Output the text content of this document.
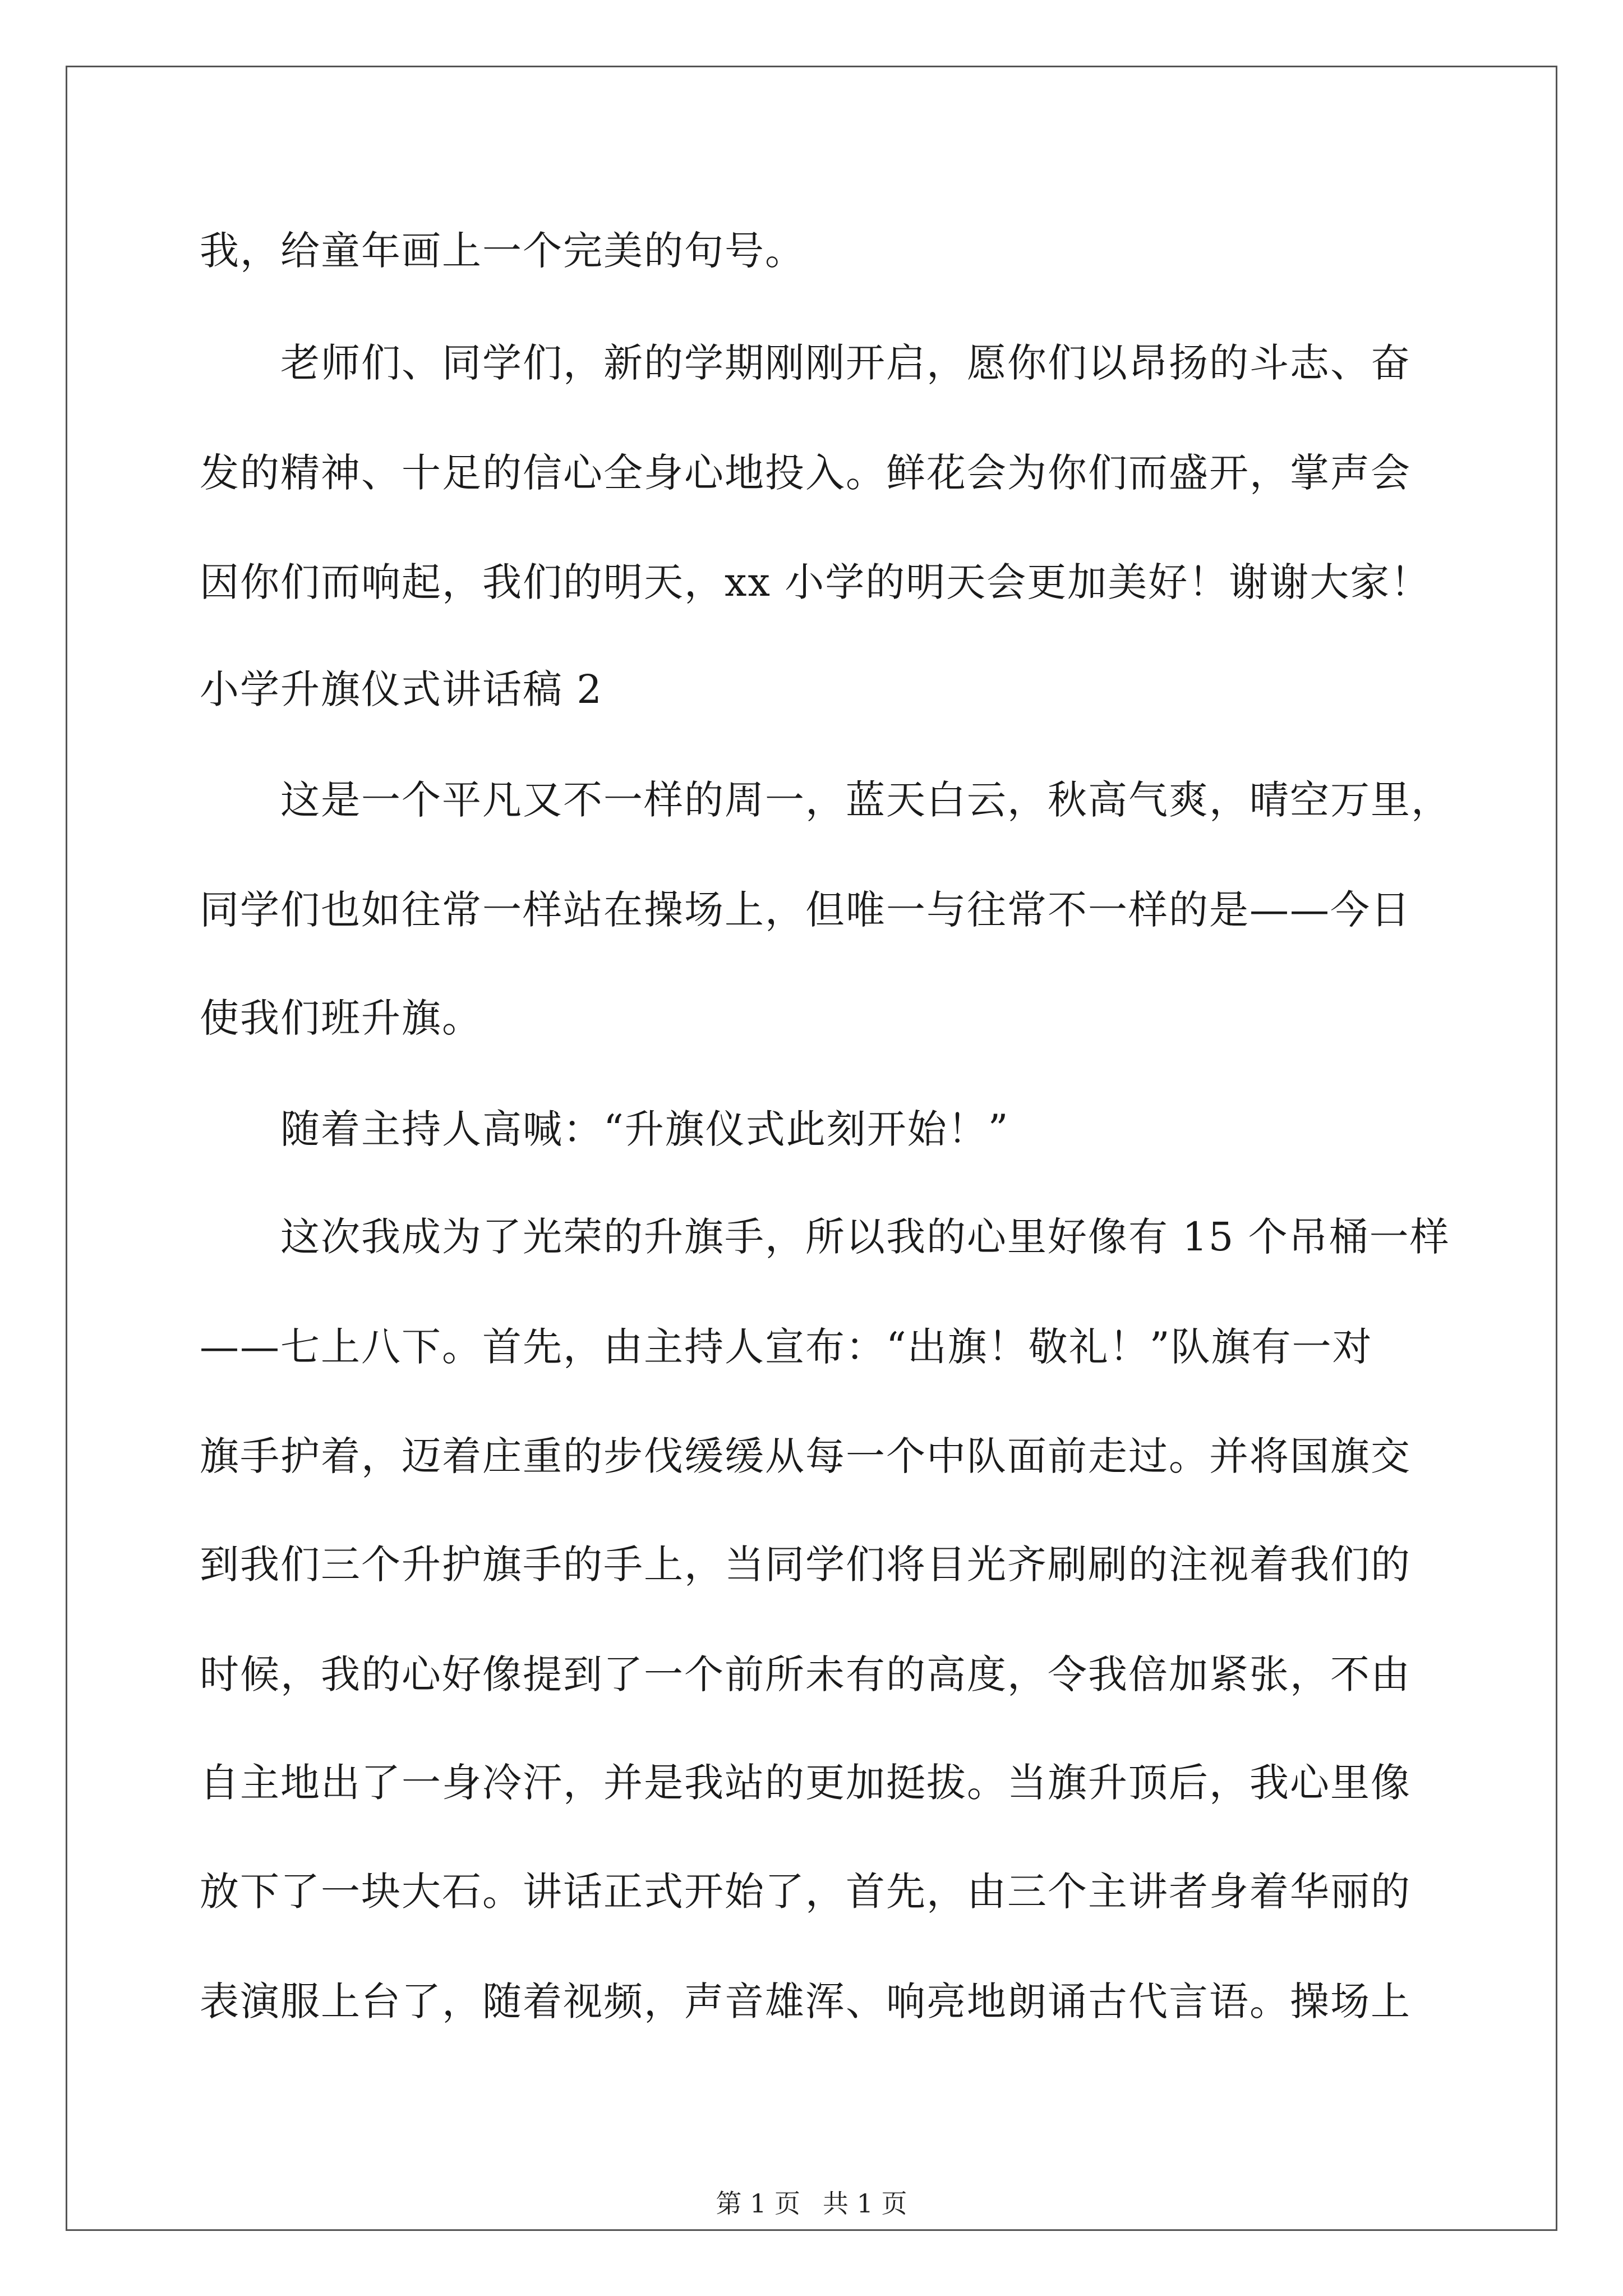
我，给童年画上一个完美的句号。
老师们、同学们，新的学期刚刚开启，愿你们以昂扬的斗志、奋
发的精神、十足的信心全身心地投入。鲜花会为你们而盛开，掌声会
因你们而响起，我们的明天，xx 小学的明天会更加美好！谢谢大家！
小学升旗仪式讲话稿 2
这是一个平凡又不一样的周一，蓝天白云，秋高气爽，晴空万里，
同学们也如往常一样站在操场上，但唯一与往常不一样的是——今日
使我们班升旗。
随着主持人高喊：“升旗仪式此刻开始！”
这次我成为了光荣的升旗手，所以我的心里好像有 15 个吊桶一样
——七上八下。首先，由主持人宣布：“出旗！敬礼！”队旗有一对
旗手护着，迈着庄重的步伐缓缓从每一个中队面前走过。并将国旗交
到我们三个升护旗手的手上，当同学们将目光齐刷刷的注视着我们的
时候，我的心好像提到了一个前所未有的高度，令我倍加紧张，不由
自主地出了一身冷汗，并是我站的更加挺拔。当旗升顶后，我心里像
放下了一块大石。讲话正式开始了，首先，由三个主讲者身着华丽的
表演服上台了，随着视频，声音雄浑、响亮地朗诵古代言语。操场上
第 1 页 共 1 页
